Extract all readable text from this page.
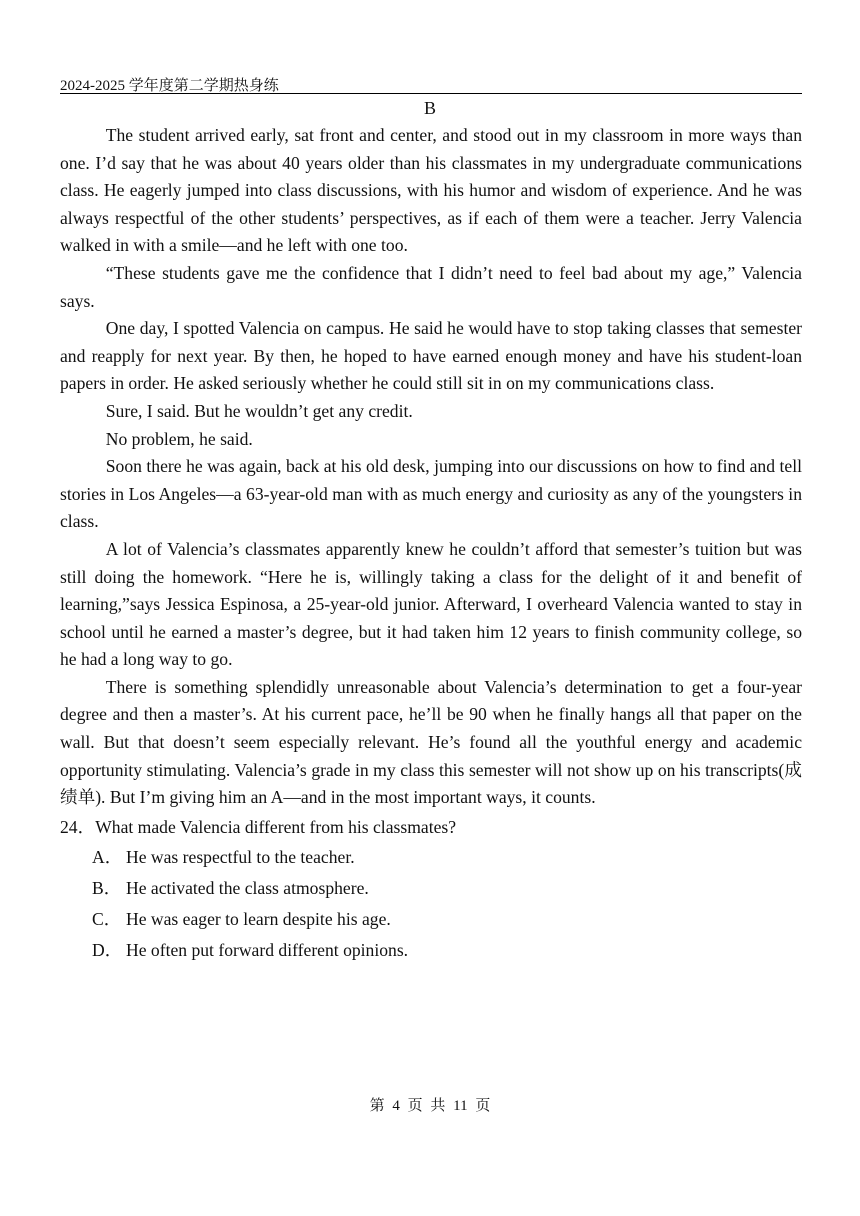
2024-2025 学年度第二学期热身练
B

The student arrived early, sat front and center, and stood out in my classroom in more ways than one. I’d say that he was about 40 years older than his classmates in my undergraduate communications class. He eagerly jumped into class discussions, with his humor and wisdom of experience. And he was always respectful of the other students’ perspectives, as if each of them were a teacher. Jerry Valencia walked in with a smile—and he left with one too.

“These students gave me the confidence that I didn’t need to feel bad about my age,” Valencia says.

One day, I spotted Valencia on campus. He said he would have to stop taking classes that semester and reapply for next year. By then, he hoped to have earned enough money and have his student-loan papers in order. He asked seriously whether he could still sit in on my communications class.

Sure, I said. But he wouldn’t get any credit.

No problem, he said.

Soon there he was again, back at his old desk, jumping into our discussions on how to find and tell stories in Los Angeles—a 63-year-old man with as much energy and curiosity as any of the youngsters in class.

A lot of Valencia’s classmates apparently knew he couldn’t afford that semester’s tuition but was still doing the homework. “Here he is, willingly taking a class for the delight of it and benefit of learning,”says Jessica Espinosa, a 25-year-old junior. Afterward, I overheard Valencia wanted to stay in school until he earned a master’s degree, but it had taken him 12 years to finish community college, so he had a long way to go.

There is something splendidly unreasonable about Valencia’s determination to get a four-year degree and then a master’s. At his current pace, he’ll be 90 when he finally hangs all that paper on the wall. But that doesn’t seem especially relevant. He’s found all the youthful energy and academic opportunity stimulating. Valencia’s grade in my class this semester will not show up on his transcripts(成绩单). But I’m giving him an A—and in the most important ways, it counts.

24．What made Valencia different from his classmates?
A． He was respectful to the teacher.
B． He activated the class atmosphere.
C． He was eager to learn despite his age.
D． He often put forward different opinions.
第 4 页 共 11 页
